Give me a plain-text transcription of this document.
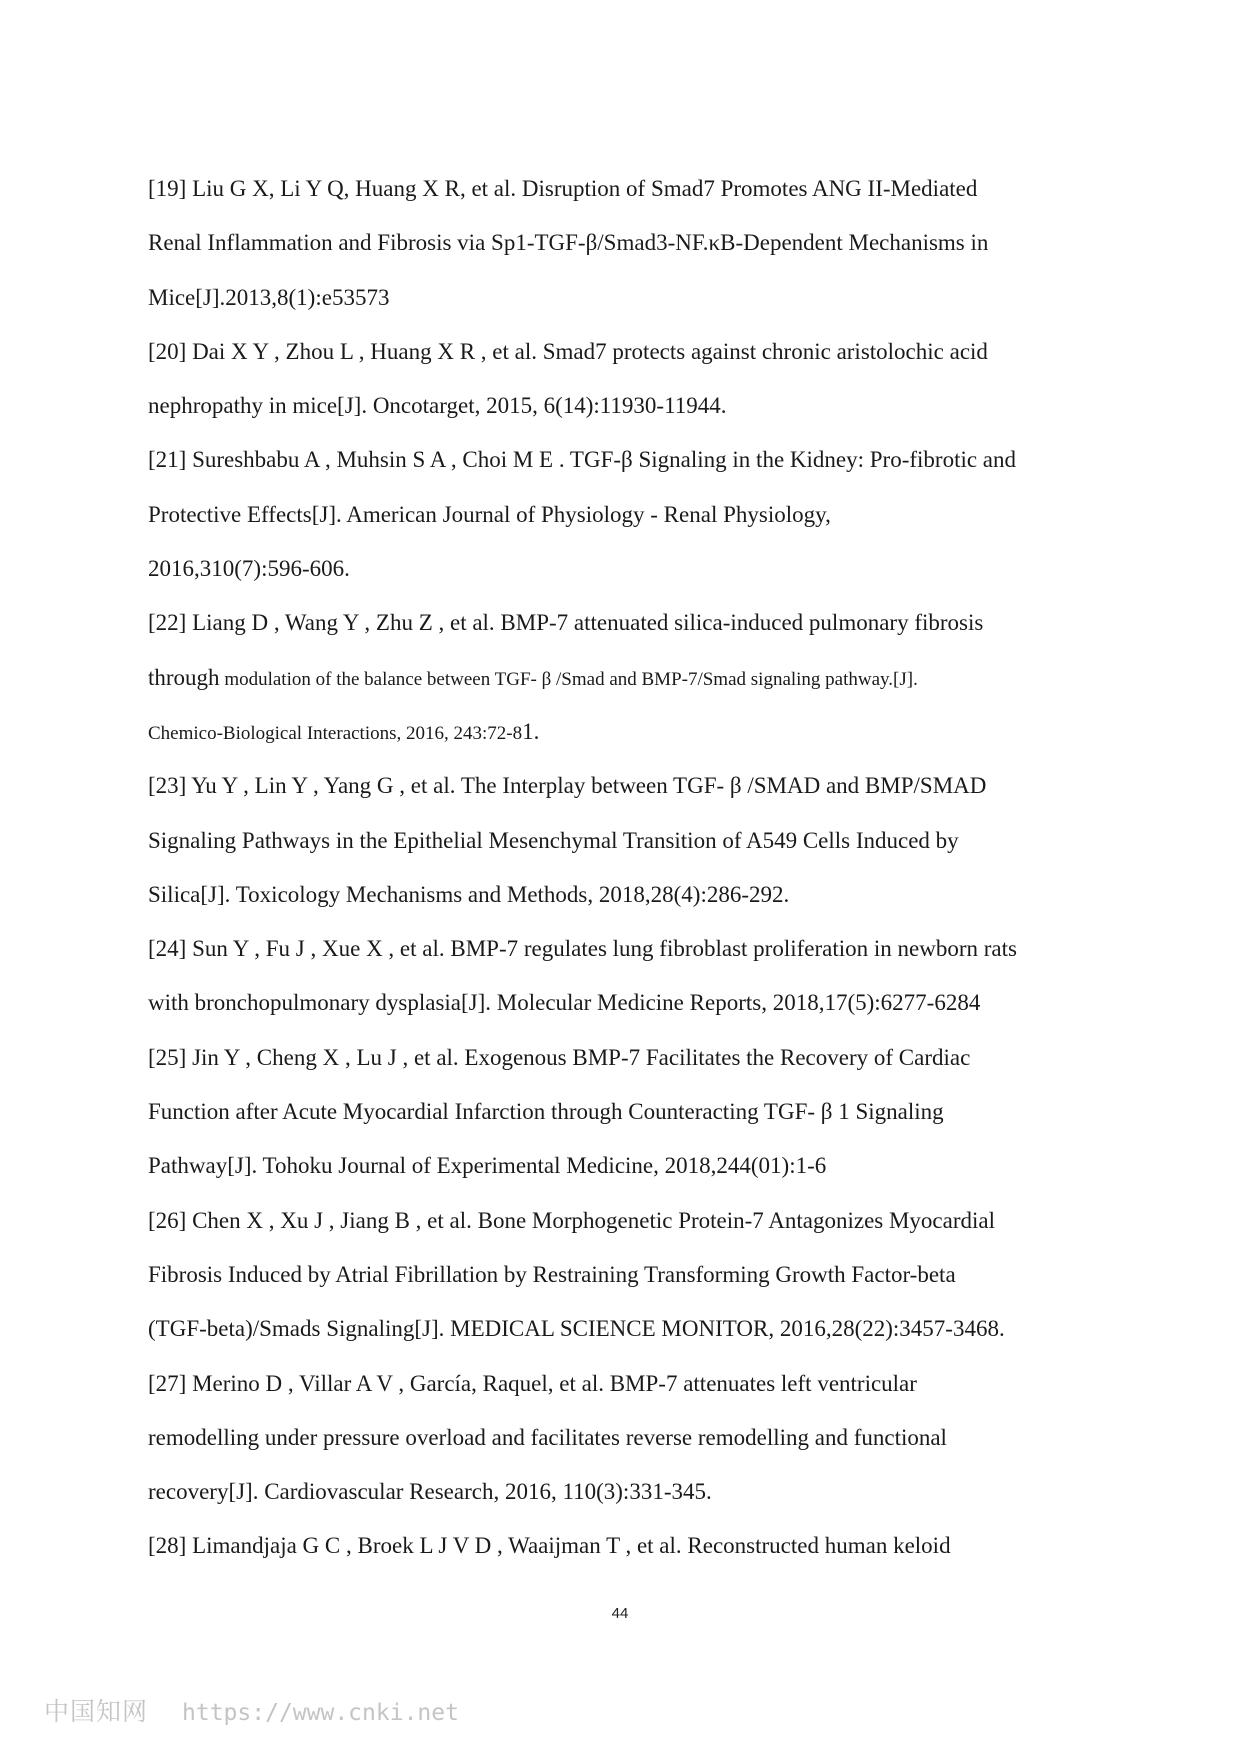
[19] Liu G X, Li Y Q, Huang X R, et al. Disruption of Smad7 Promotes ANG II-Mediated
Renal Inflammation and Fibrosis via Sp1-TGF-β/Smad3-NF.κB-Dependent Mechanisms in
Mice[J].2013,8(1):e53573
[20] Dai X Y , Zhou L , Huang X R , et al. Smad7 protects against chronic aristolochic acid
nephropathy in mice[J]. Oncotarget, 2015, 6(14):11930-11944.
[21] Sureshbabu A , Muhsin S A , Choi M E . TGF-β Signaling in the Kidney: Pro-fibrotic and
Protective Effects[J]. American Journal of Physiology - Renal Physiology,
2016,310(7):596-606.
[22] Liang D , Wang Y , Zhu Z , et al. BMP-7 attenuated silica-induced pulmonary fibrosis
through modulation of the balance between TGF- β /Smad and BMP-7/Smad signaling pathway.[J].
Chemico-Biological Interactions, 2016, 243:72-81.
[23] Yu Y , Lin Y , Yang G , et al. The Interplay between TGF- β /SMAD and BMP/SMAD
Signaling Pathways in the Epithelial Mesenchymal Transition of A549 Cells Induced by
Silica[J]. Toxicology Mechanisms and Methods, 2018,28(4):286-292.
[24] Sun Y , Fu J , Xue X , et al. BMP-7 regulates lung fibroblast proliferation in newborn rats
with bronchopulmonary dysplasia[J]. Molecular Medicine Reports, 2018,17(5):6277-6284
[25] Jin Y , Cheng X , Lu J , et al. Exogenous BMP-7 Facilitates the Recovery of Cardiac
Function after Acute Myocardial Infarction through Counteracting TGF- β 1 Signaling
Pathway[J]. Tohoku Journal of Experimental Medicine, 2018,244(01):1-6
[26] Chen X , Xu J , Jiang B , et al. Bone Morphogenetic Protein-7 Antagonizes Myocardial
Fibrosis Induced by Atrial Fibrillation by Restraining Transforming Growth Factor-beta
(TGF-beta)/Smads Signaling[J]. MEDICAL SCIENCE MONITOR, 2016,28(22):3457-3468.
[27] Merino D , Villar A V , García, Raquel, et al. BMP-7 attenuates left ventricular
remodelling under pressure overload and facilitates reverse remodelling and functional
recovery[J]. Cardiovascular Research, 2016, 110(3):331-345.
[28] Limandjaja G C , Broek L J V D , Waaijman T , et al. Reconstructed human keloid
44
中国知网 https://www.cnki.net
